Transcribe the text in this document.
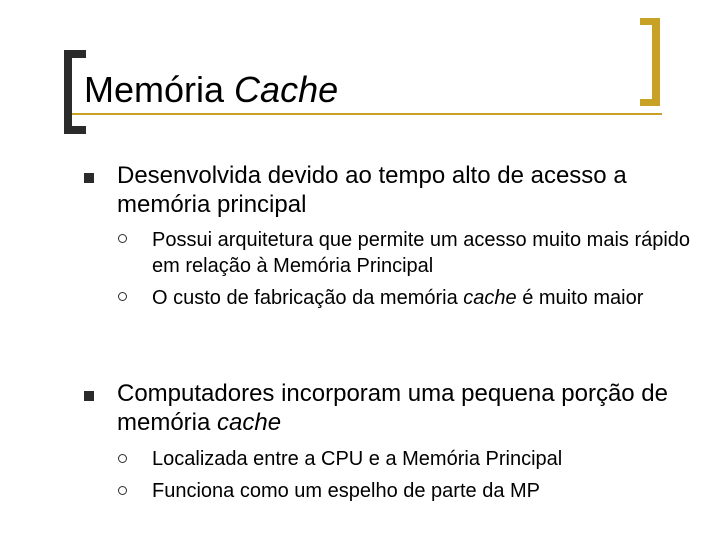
Memória Cache
Desenvolvida devido ao tempo alto de acesso a memória principal
Possui arquitetura que permite um acesso muito mais rápido em relação à Memória Principal
O custo de fabricação da memória cache é muito maior
Computadores incorporam uma pequena porção de memória cache
Localizada entre a CPU e a Memória Principal
Funciona como um espelho de parte da MP
